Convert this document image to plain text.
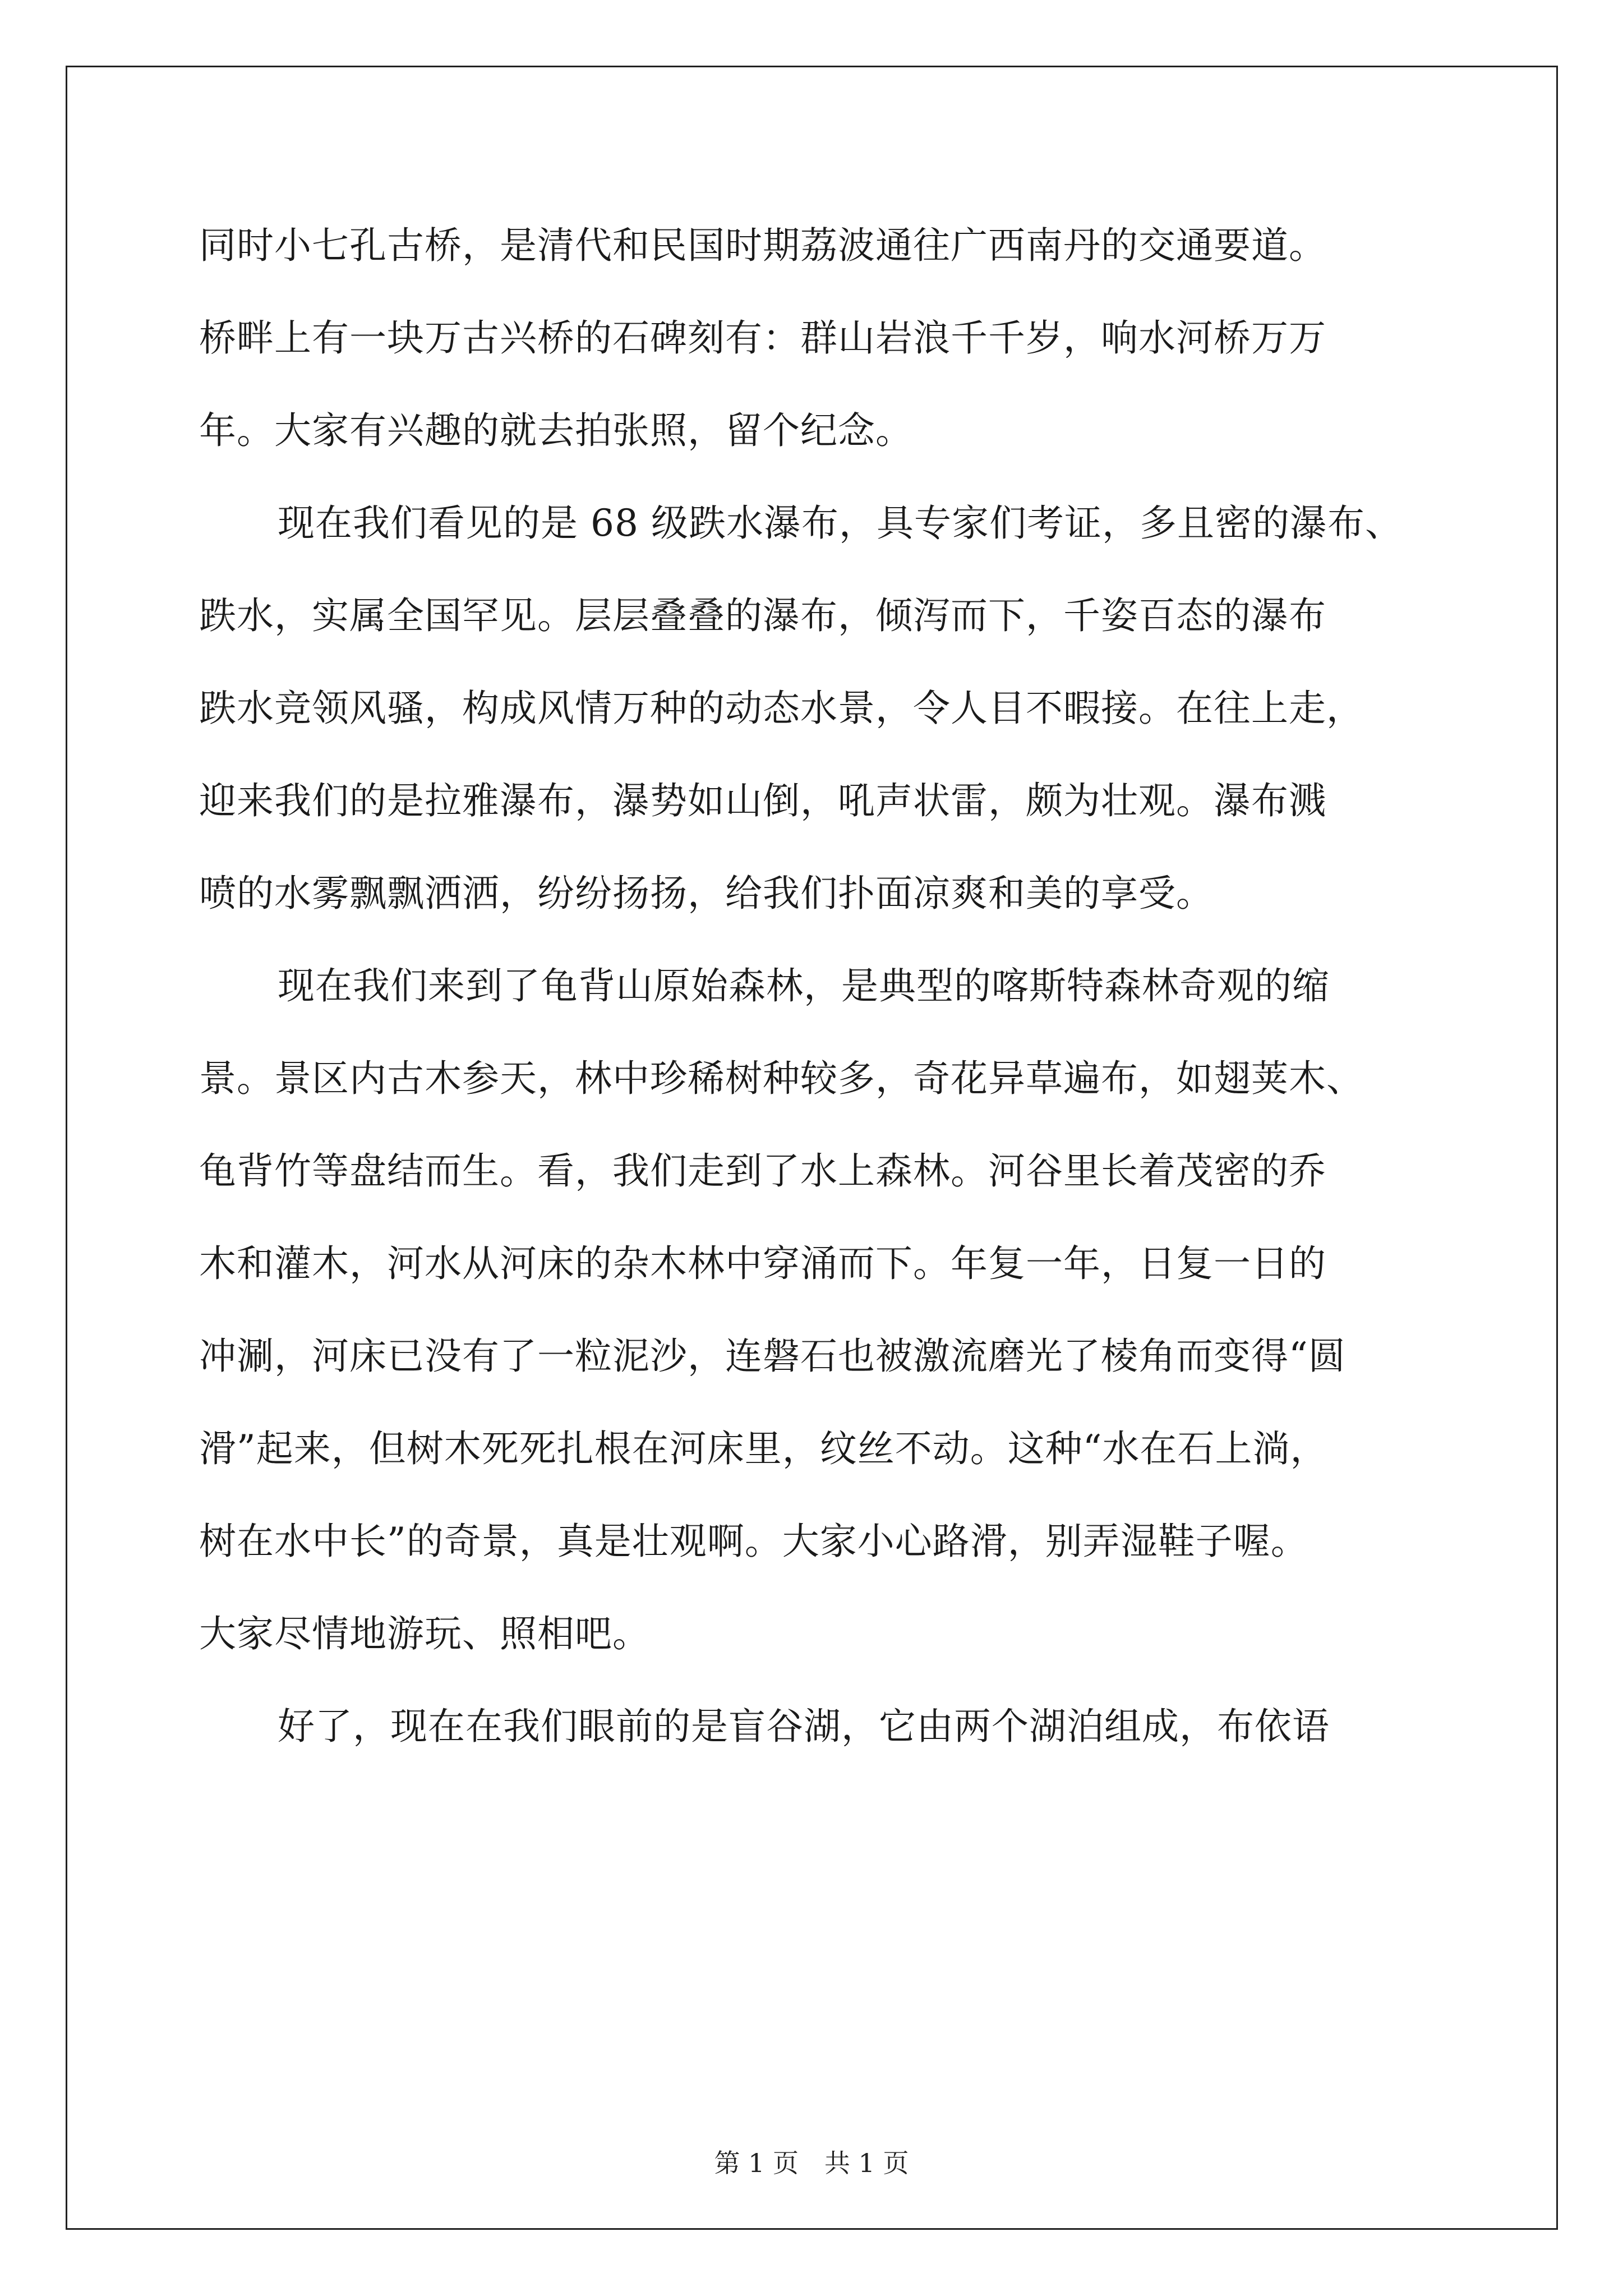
同时小七孔古桥，是清代和民国时期荔波通往广西南丹的交通要道。
桥畔上有一块万古兴桥的石碑刻有：群山岩浪千千岁，响水河桥万万
年。大家有兴趣的就去拍张照，留个纪念。
现在我们看见的是 68 级跌水瀑布，具专家们考证，多且密的瀑布、
跌水，实属全国罕见。层层叠叠的瀑布，倾泻而下，千姿百态的瀑布
跌水竞领风骚，构成风情万种的动态水景，令人目不暇接。在往上走，
迎来我们的是拉雅瀑布，瀑势如山倒，吼声状雷，颇为壮观。瀑布溅
喷的水雾飘飘洒洒，纷纷扬扬，给我们扑面凉爽和美的享受。
现在我们来到了龟背山原始森林，是典型的喀斯特森林奇观的缩
景。景区内古木参天，林中珍稀树种较多，奇花异草遍布，如翅荚木、
龟背竹等盘结而生。看，我们走到了水上森林。河谷里长着茂密的乔
木和灌木，河水从河床的杂木林中穿涌而下。年复一年，日复一日的
冲涮，河床已没有了一粒泥沙，连磐石也被激流磨光了棱角而变得“圆
滑”起来，但树木死死扎根在河床里，纹丝不动。这种“水在石上淌，
树在水中长”的奇景，真是壮观啊。大家小心路滑，别弄湿鞋子喔。
大家尽情地游玩、照相吧。
好了，现在在我们眼前的是盲谷湖，它由两个湖泊组成，布依语
第 1 页　共 1 页
